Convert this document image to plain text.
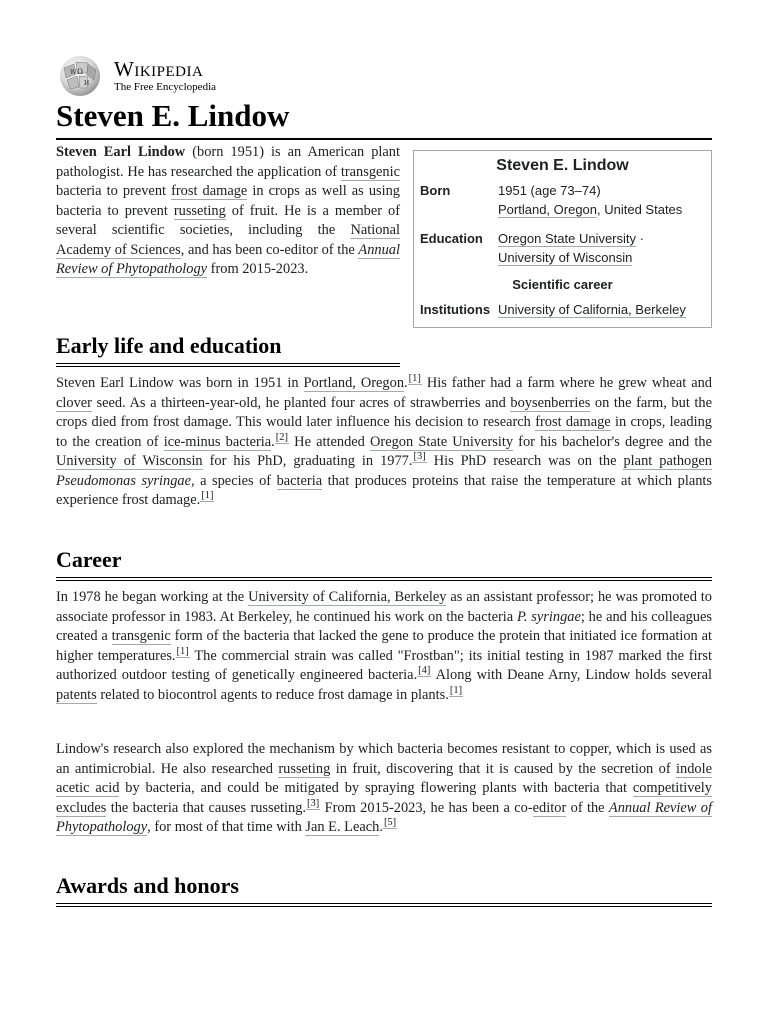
Ω
W
И
Wikipedia
The Free Encyclopedia
Steven E. Lindow

Steven Earl Lindow (born 1951) is an American plant pathologist. He has researched the application of transgenic bacteria to prevent frost damage in crops as well as using bacteria to prevent russeting of fruit. He is a member of several scientific societies, including the National Academy of Sciences, and has been co-editor of the Annual Review of Phytopathology from 2015-2023.

Steven E. Lindow
Born	1951 (age 73–74)
Portland, Oregon, United States
Education	Oregon State University ·
University of Wisconsin
Scientific career
Institutions University of California, Berkeley
Early life and education

Steven Earl Lindow was born in 1951 in Portland, Oregon.[1] His father had a farm where he grew wheat and clover seed. As a thirteen-year-old, he planted four acres of strawberries and boysenberries on the farm, but the crops died from frost damage. This would later influence his decision to research frost damage in crops, leading to the creation of ice-minus bacteria.[2] He attended Oregon State University for his bachelor's degree and the University of Wisconsin for his PhD, graduating in 1977.[3] His PhD research was on the plant pathogen Pseudomonas syringae, a species of bacteria that produces proteins that raise the temperature at which plants experience frost damage.[1]

Career

In 1978 he began working at the University of California, Berkeley as an assistant professor; he was promoted to associate professor in 1983. At Berkeley, he continued his work on the bacteria P. syringae; he and his colleagues created a transgenic form of the bacteria that lacked the gene to produce the protein that initiated ice formation at higher temperatures.[1] The commercial strain was called "Frostban"; its initial testing in 1987 marked the first authorized outdoor testing of genetically engineered bacteria.[4] Along with Deane Arny, Lindow holds several patents related to biocontrol agents to reduce frost damage in plants.[1]

Lindow's research also explored the mechanism by which bacteria becomes resistant to copper, which is used as an antimicrobial. He also researched russeting in fruit, discovering that it is caused by the secretion of indole acetic acid by bacteria, and could be mitigated by spraying flowering plants with bacteria that competitively excludes the bacteria that causes russeting.[3] From 2015-2023, he has been a co-editor of the Annual Review of Phytopathology, for most of that time with Jan E. Leach.[5]

Awards and honors
